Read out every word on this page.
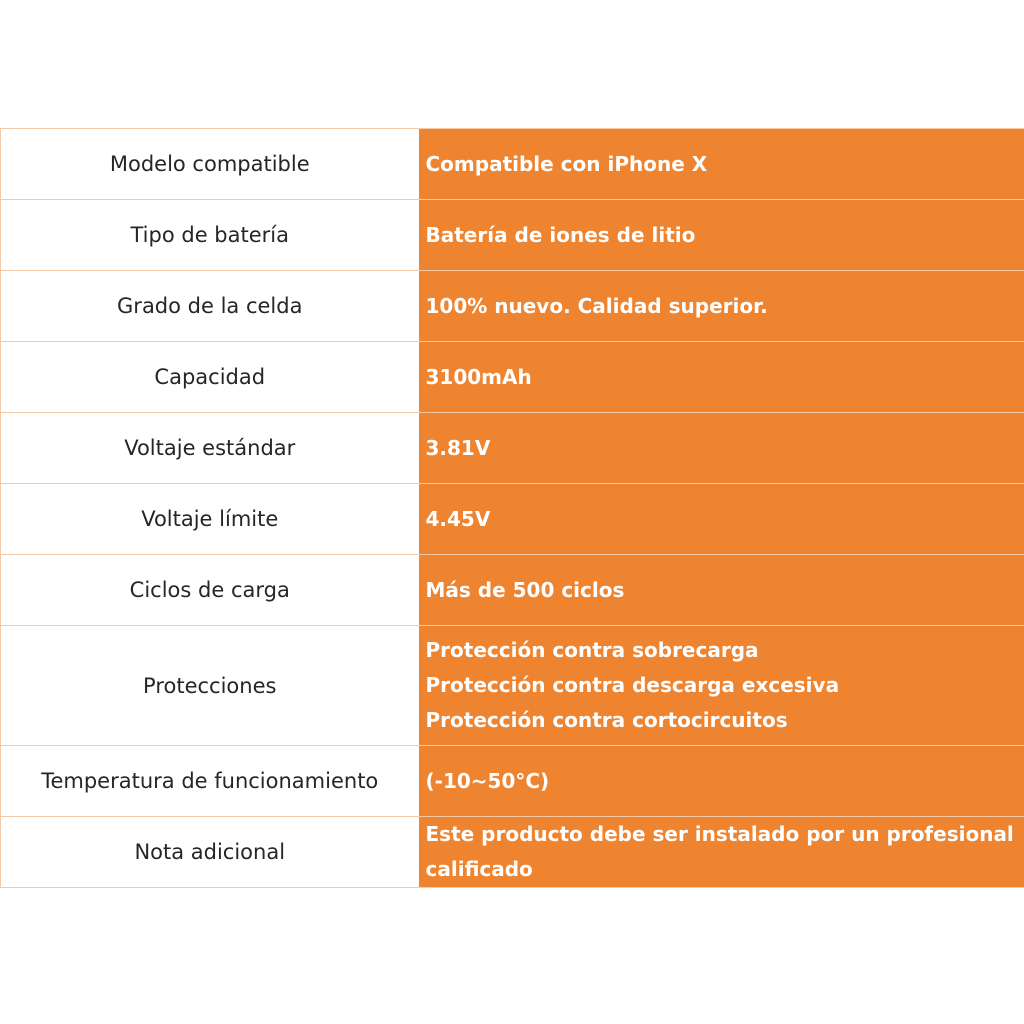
Modelo compatible	Compatible con iPhone X

Tipo de batería	Batería de iones de litio

Grado de la celda	100% nuevo. Calidad superior.

Capacidad	3100mAh

Voltaje estándar	3.81V

Voltaje límite	4.45V

Ciclos de carga	Más de 500 ciclos

Protecciones	Protección contra sobrecarga
Protección contra descarga excesiva
Protección contra cortocircuitos

Temperatura de funcionamiento	(-10~50°C)

Nota adicional	Este producto debe ser instalado por un profesional
calificado
